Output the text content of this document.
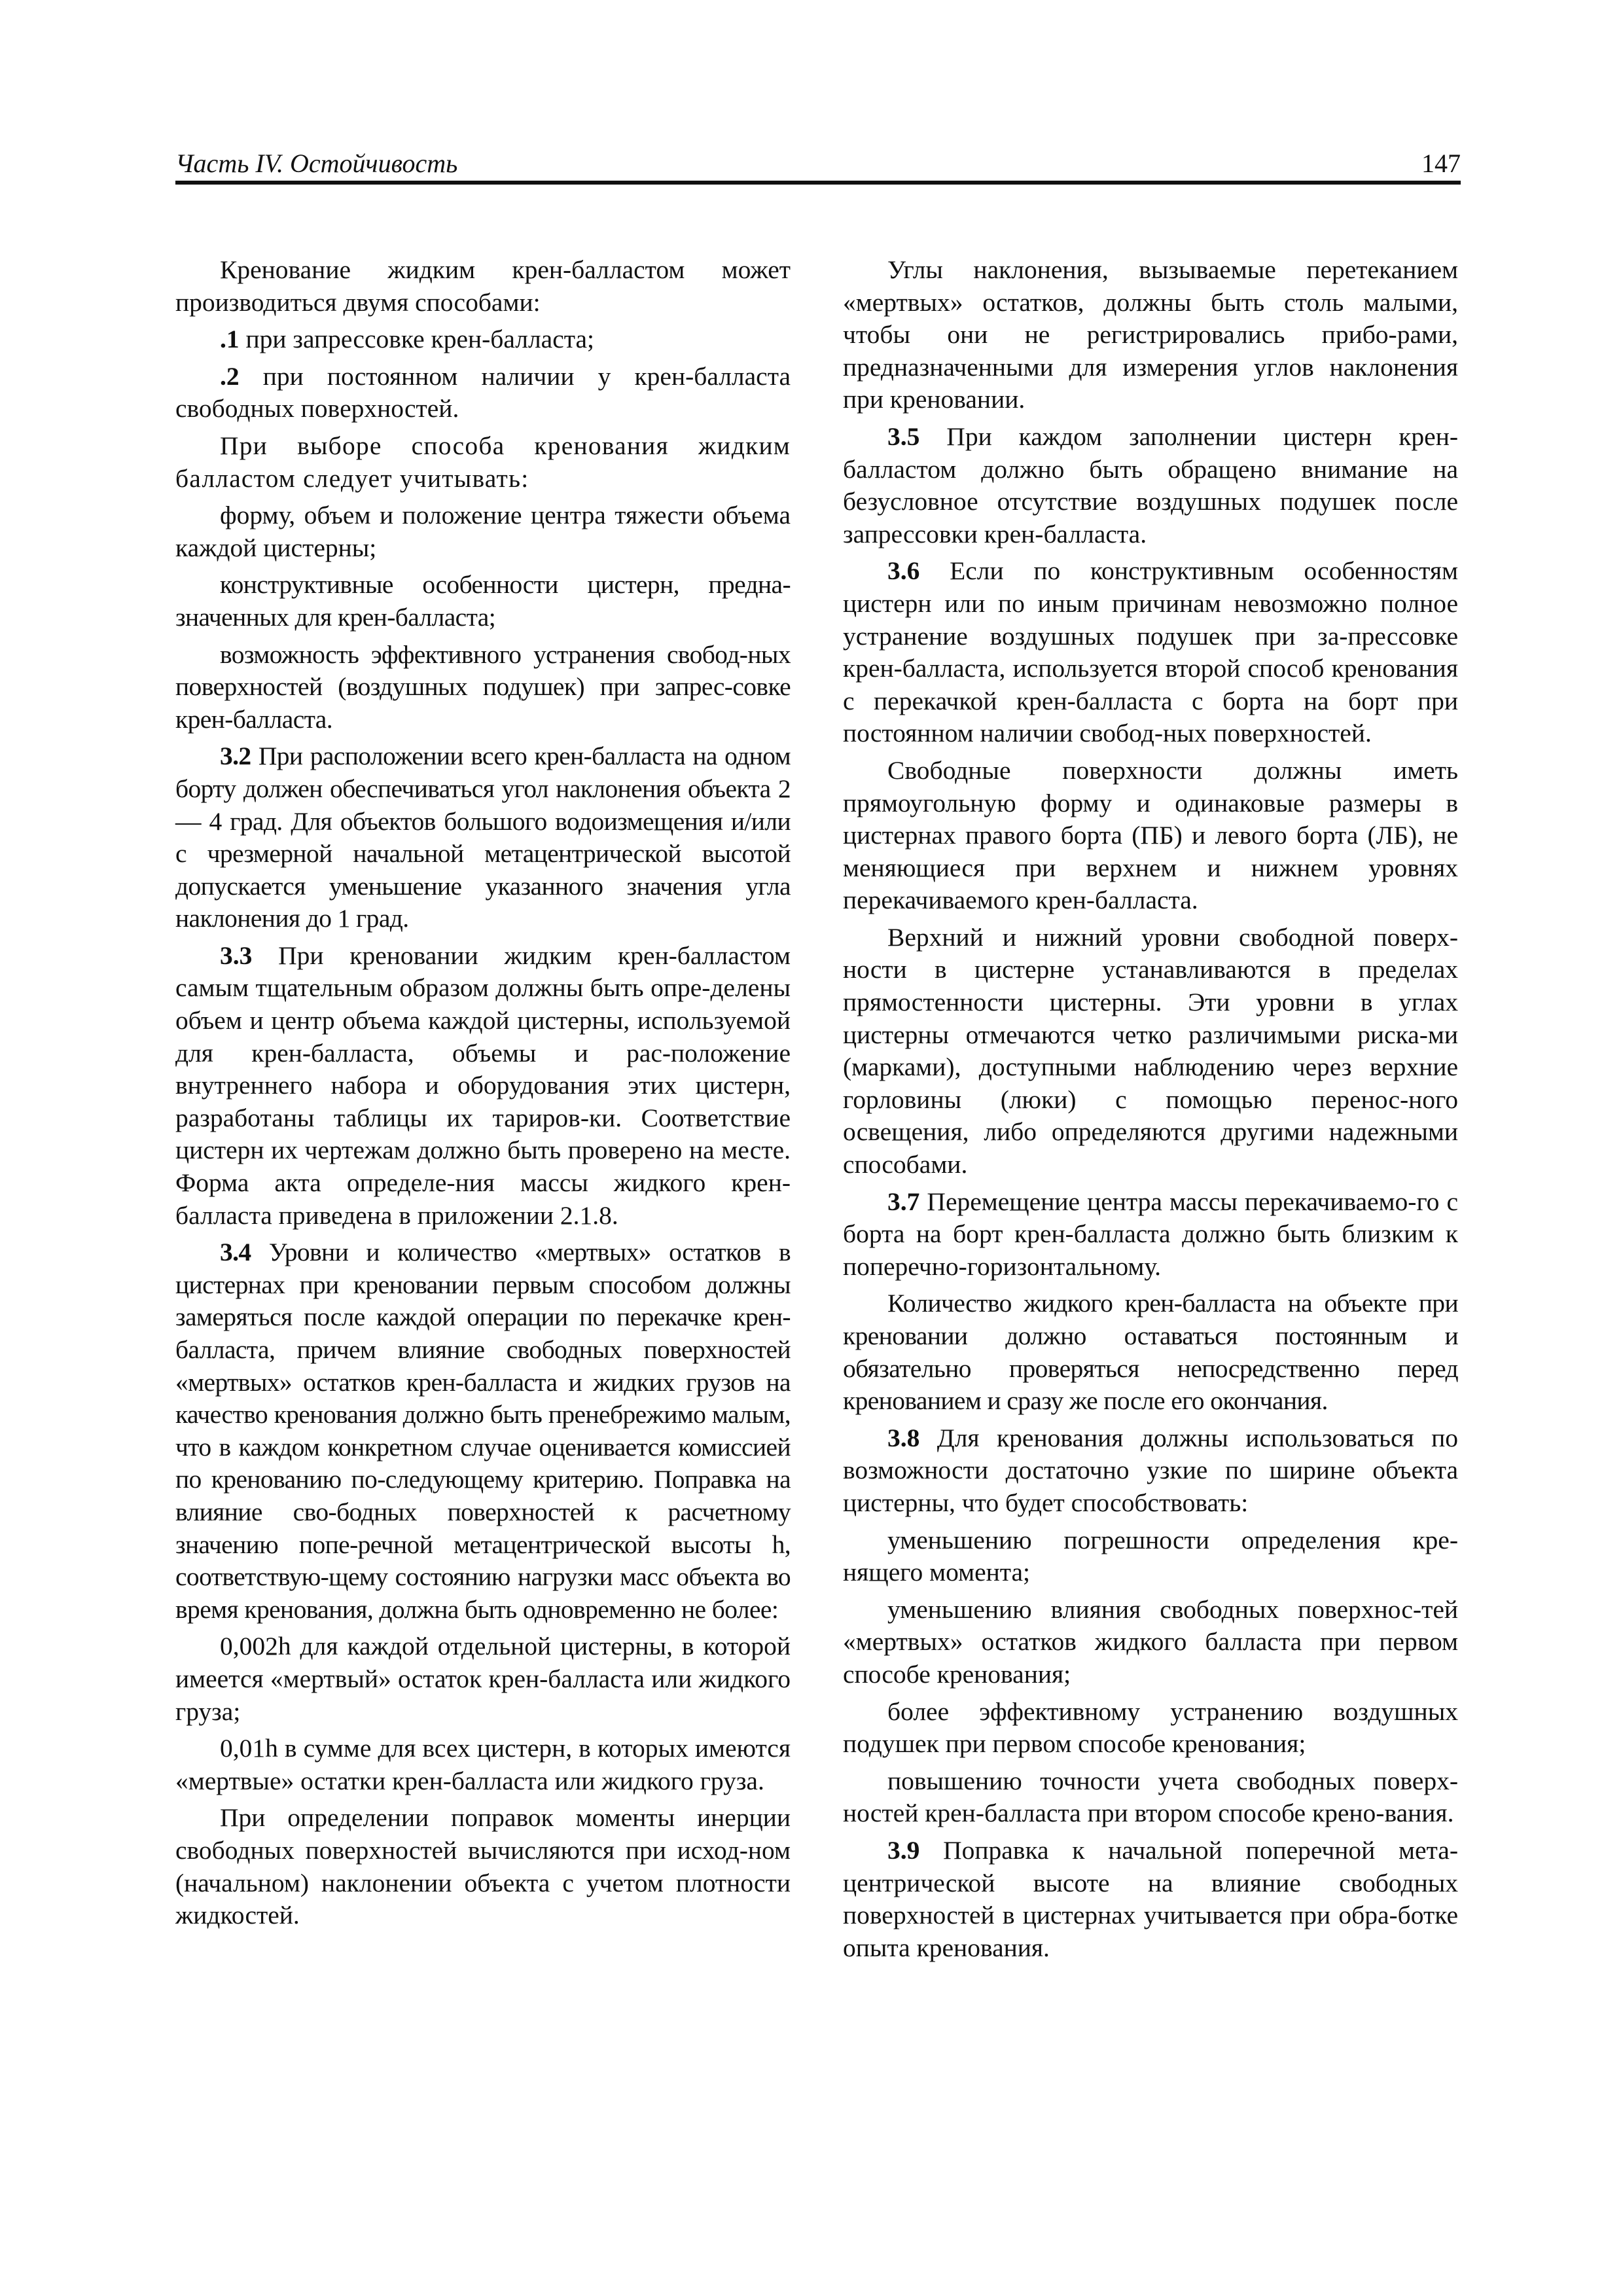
Часть IV. Остойчивость	147

Кренование жидким крен-балластом может производиться двумя способами:

.1 при запрессовке крен-балласта;

.2 при постоянном наличии у крен-балласта свободных поверхностей.

При выборе способа кренования жидким балластом следует учитывать:

форму, объем и положение центра тяжести объема каждой цистерны;

конструктивные особенности цистерн, предна-значенных для крен-балласта;

возможность эффективного устранения свобод-ных поверхностей (воздушных подушек) при запрес-совке крен-балласта.

3.2 При расположении всего крен-балласта на одном борту должен обеспечиваться угол наклонения объекта 2 — 4 град. Для объектов большого водоизмещения и/или с чрезмерной начальной метацентрической высотой допускается уменьшение указанного значения угла наклонения до 1 град.

3.3 При креновании жидким крен-балластом самым тщательным образом должны быть опре-делены объем и центр объема каждой цистерны, используемой для крен-балласта, объемы и рас-положение внутреннего набора и оборудования этих цистерн, разработаны таблицы их тариров-ки. Соответствие цистерн их чертежам должно быть проверено на месте. Форма акта определе-ния массы жидкого крен-балласта приведена в приложении 2.1.8.

3.4 Уровни и количество «мертвых» остатков в цистернах при креновании первым способом должны замеряться после каждой операции по перекачке крен-балласта, причем влияние свободных поверхностей «мертвых» остатков крен-балласта и жидких грузов на качество кренования должно быть пренебрежимо малым, что в каждом конкретном случае оценивается комиссией по кренованию по-следующему критерию. Поправка на влияние сво-бодных поверхностей к расчетному значению попе-речной метацентрической высоты h, соответствую-щему состоянию нагрузки масс объекта во время кренования, должна быть одновременно не более:

0,002h для каждой отдельной цистерны, в которой имеется «мертвый» остаток крен-балласта или жидкого груза;

0,01h в сумме для всех цистерн, в которых имеются «мертвые» остатки крен-балласта или жидкого груза.

При определении поправок моменты инерции свободных поверхностей вычисляются при исход-ном (начальном) наклонении объекта с учетом плотности жидкостей.

Углы наклонения, вызываемые перетеканием «мертвых» остатков, должны быть столь малыми, чтобы они не регистрировались прибо-рами, предназначенными для измерения углов наклонения при креновании.

3.5 При каждом заполнении цистерн крен-балластом должно быть обращено внимание на безусловное отсутствие воздушных подушек после запрессовки крен-балласта.

3.6 Если по конструктивным особенностям цистерн или по иным причинам невозможно полное устранение воздушных подушек при за-прессовке крен-балласта, используется второй способ кренования с перекачкой крен-балласта с борта на борт при постоянном наличии свобод-ных поверхностей.

Свободные поверхности должны иметь прямоугольную форму и одинаковые размеры в цистернах правого борта (ПБ) и левого борта (ЛБ), не меняющиеся при верхнем и нижнем уровнях перекачиваемого крен-балласта.

Верхний и нижний уровни свободной поверх-ности в цистерне устанавливаются в пределах прямостенности цистерны. Эти уровни в углах цистерны отмечаются четко различимыми риска-ми (марками), доступными наблюдению через верхние горловины (люки) с помощью перенос-ного освещения, либо определяются другими надежными способами.

3.7 Перемещение центра массы перекачиваемо-го с борта на борт крен-балласта должно быть близким к поперечно-горизонтальному.

Количество жидкого крен-балласта на объекте при креновании должно оставаться постоянным и обязательно проверяться непосредственно перед кренованием и сразу же после его окончания.

3.8 Для кренования должны использоваться по возможности достаточно узкие по ширине объекта цистерны, что будет способствовать:

уменьшению погрешности определения кре-нящего момента;

уменьшению влияния свободных поверхнос-тей «мертвых» остатков жидкого балласта при первом способе кренования;

более эффективному устранению воздушных подушек при первом способе кренования;

повышению точности учета свободных поверх-ностей крен-балласта при втором способе крено-вания.

3.9 Поправка к начальной поперечной мета-центрической высоте на влияние свободных поверхностей в цистернах учитывается при обра-ботке опыта кренования.
